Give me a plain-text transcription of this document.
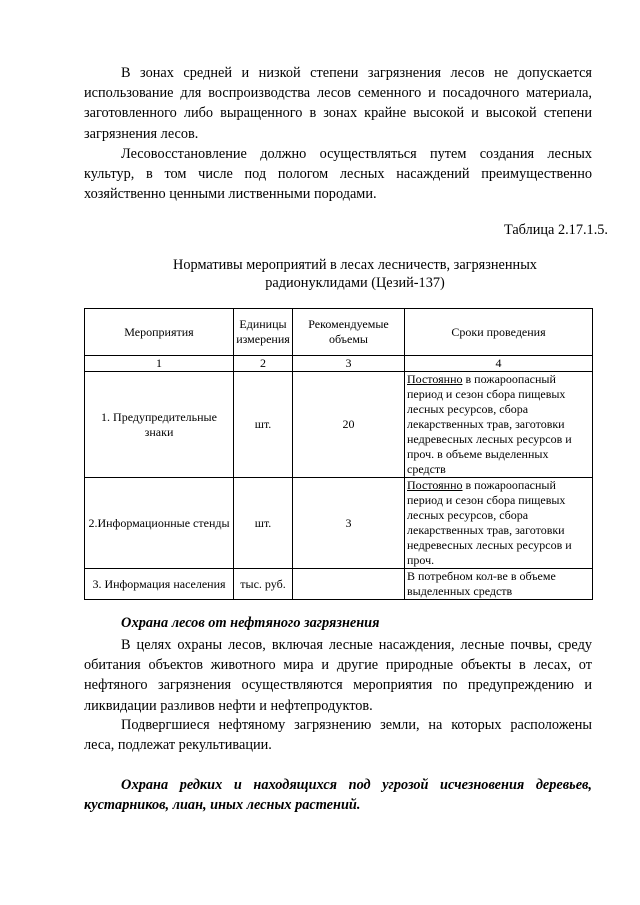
В зонах средней и низкой степени загрязнения лесов не допускается использование для воспроизводства лесов семенного и посадочного материала, заготовленного либо выращенного в зонах крайне высокой и высокой степени загрязнения лесов.

Лесовосстановление должно осуществляться путем создания лесных культур, в том числе под пологом лесных насаждений преимущественно хозяйственно ценными лиственными породами.

Таблица 2.17.1.5.

Нормативы мероприятий в лесах лесничеств, загрязненных радионуклидами (Цезий-137)

Мероприятия	Единицы измерения	Рекомендуемые объемы	Сроки проведения
1	2	3	4
1. Предупредительные знаки	шт.	20	Постоянно в пожароопасный период и сезон сбора пищевых лесных ресурсов, сбора лекарственных трав, заготовки недревесных лесных ресурсов и проч. в объеме выделенных средств
2.Информационные стенды	шт.	3	Постоянно в пожароопасный период и сезон сбора пищевых лесных ресурсов, сбора лекарственных трав, заготовки недревесных лесных ресурсов и проч.
3. Информация населения	тыс. руб.		В потребном кол-ве в объеме выделенных средств

Охрана лесов от нефтяного загрязнения

В целях охраны лесов, включая лесные насаждения, лесные почвы, среду обитания объектов животного мира и другие природные объекты в лесах, от нефтяного загрязнения осуществляются мероприятия по предупреждению и ликвидации разливов нефти и нефтепродуктов.

Подвергшиеся нефтяному загрязнению земли, на которых расположены леса, подлежат рекультивации.

Охрана редких и находящихся под угрозой исчезновения деревьев, кустарников, лиан, иных лесных растений.
